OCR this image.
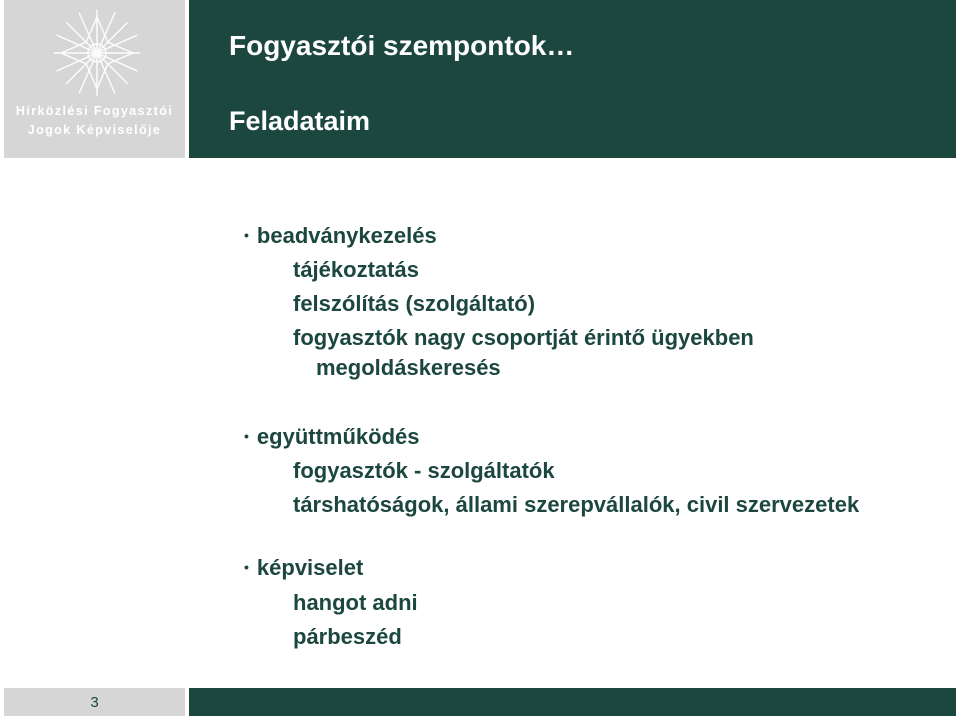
Hírközlési Fogyasztói
Jogok Képviselője
Fogyasztói szempontok…
Feladataim
• beadványkezelés
tájékoztatás
felszólítás (szolgáltató)
fogyasztók nagy csoportját érintő ügyekben
megoldáskeresés
• együttműködés
fogyasztók - szolgáltatók
társhatóságok, állami szerepvállalók, civil szervezetek
• képviselet
hangot adni
párbeszéd
3
